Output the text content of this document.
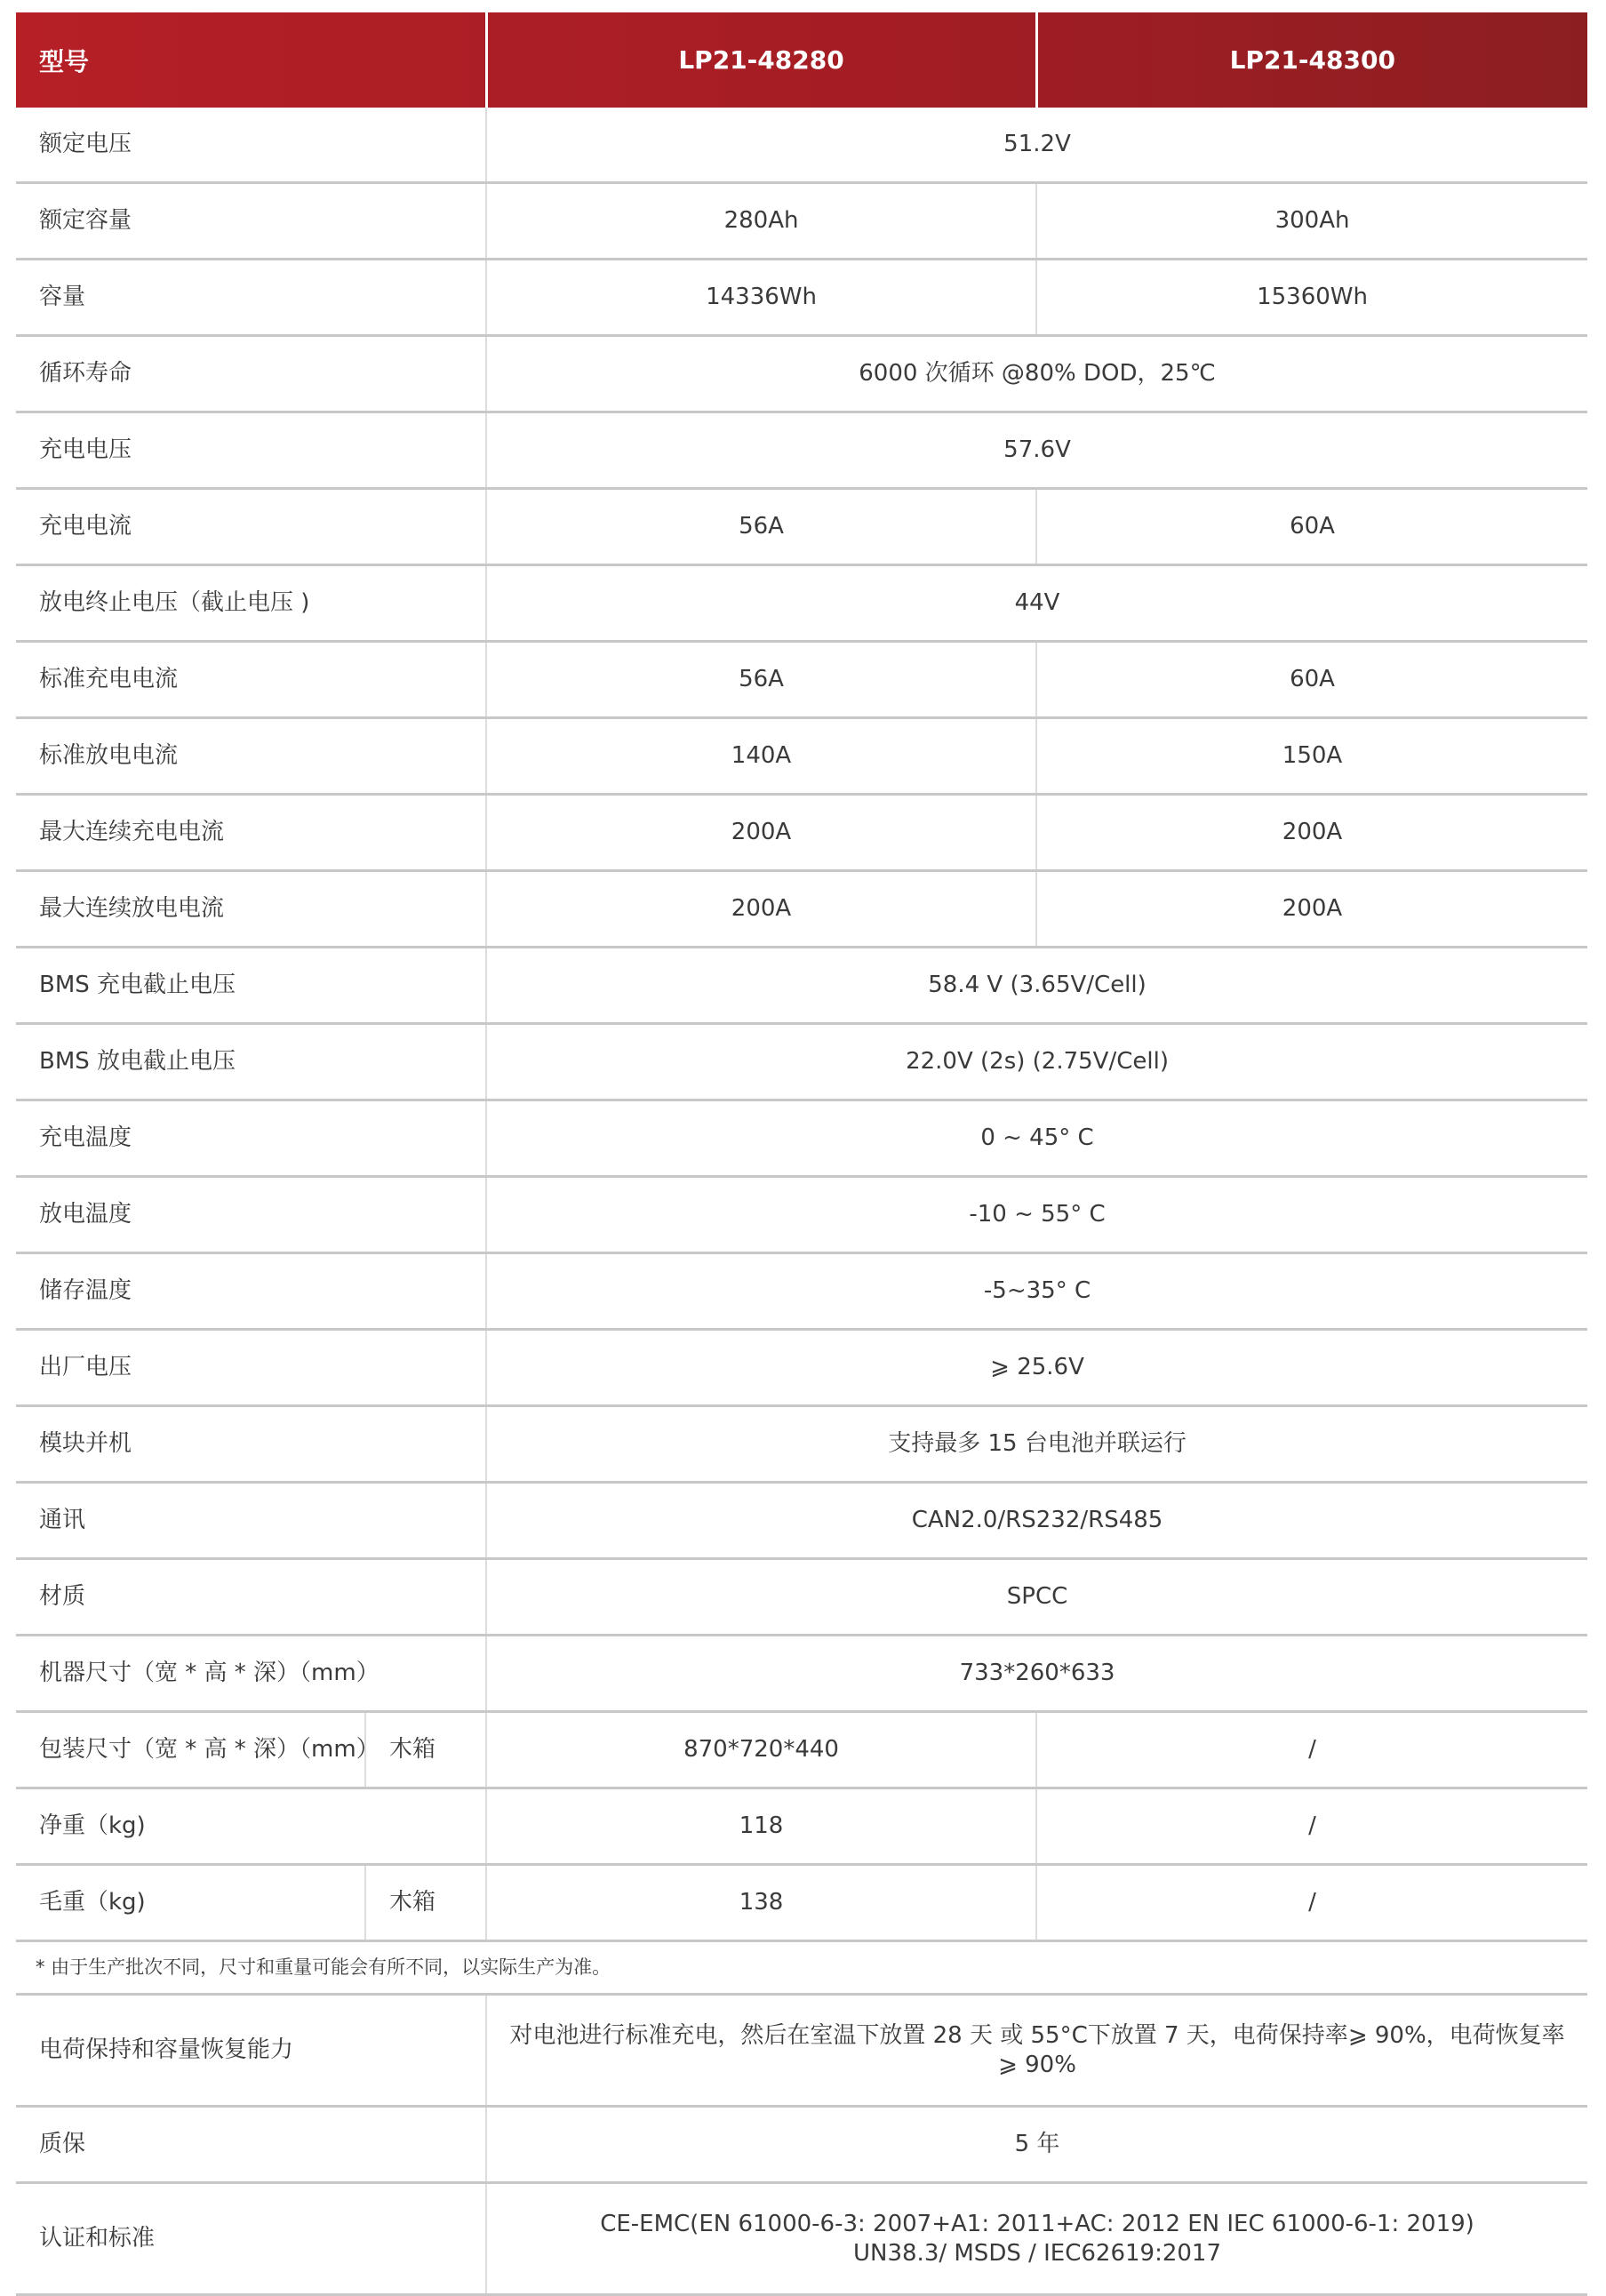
型号		LP21-48280	LP21-48300
额定电压		51.2V	
额定容量		280Ah	300Ah
容量		14336Wh	15360Wh
循环寿命		6000 次循环 @80% DOD，25℃	
充电电压		57.6V	
充电电流		56A	60A
放电终止电压（截止电压 )		44V	
标准充电电流		56A	60A
标准放电电流		140A	150A
最大连续充电电流		200A	200A
最大连续放电电流		200A	200A
BMS 充电截止电压		58.4 V (3.65V/Cell)	
BMS 放电截止电压		22.0V (2s) (2.75V/Cell)	
充电温度		0 ~ 45° C	
放电温度		-10 ~ 55° C	
储存温度		-5~35° C	
出厂电压		⩾ 25.6V	
模块并机		支持最多 15 台电池并联运行	
通讯		CAN2.0/RS232/RS485	
材质		SPCC	
机器尺寸（宽 * 高 * 深）（mm）		733*260*633	
包装尺寸（宽 * 高 * 深）（mm）	木箱	870*720*440	/
净重（kg)		118	/
毛重（kg)	木箱	138	/
* 由于生产批次不同，尺寸和重量可能会有所不同，以实际生产为准。			
电荷保持和容量恢复能力		对电池进行标准充电，然后在室温下放置 28 天 或 55°C下放置 7 天，电荷保持率⩾ 90%，电荷恢复率
⩾ 90%	

质保		5 年	

认证和标准		CE-EMC(EN 61000-6-3: 2007+A1: 2011+AC: 2012 EN IEC 61000-6-1: 2019)
UN38.3/ MSDS / IEC62619:2017	
